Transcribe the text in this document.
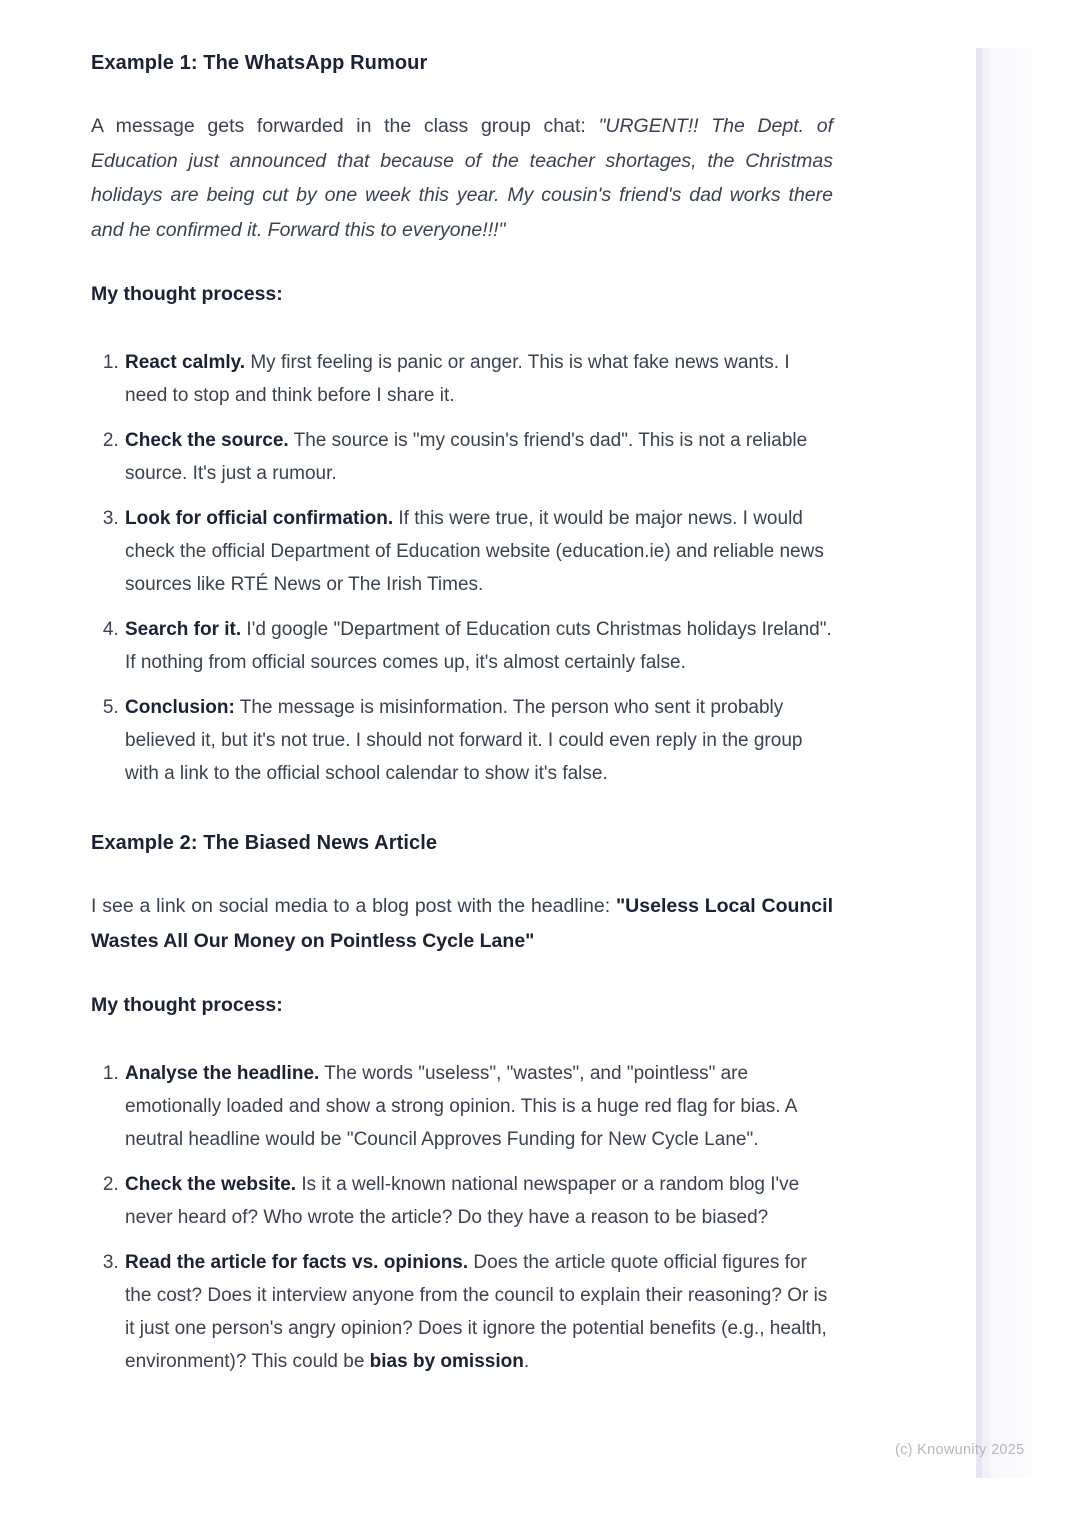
Example 1: The WhatsApp Rumour

A message gets forwarded in the class group chat: "URGENT!! The Dept. of Education just announced that because of the teacher shortages, the Christmas holidays are being cut by one week this year. My cousin's friend's dad works there and he confirmed it. Forward this to everyone!!!"

My thought process:
1. React calmly. My first feeling is panic or anger. This is what fake news wants. I need to stop and think before I share it.
2. Check the source. The source is "my cousin's friend's dad". This is not a reliable source. It's just a rumour.
3. Look for official confirmation. If this were true, it would be major news. I would check the official Department of Education website (education.ie) and reliable news sources like RTÉ News or The Irish Times.
4. Search for it. I'd google "Department of Education cuts Christmas holidays Ireland". If nothing from official sources comes up, it's almost certainly false.
5. Conclusion: The message is misinformation. The person who sent it probably believed it, but it's not true. I should not forward it. I could even reply in the group with a link to the official school calendar to show it's false.
Example 2: The Biased News Article

I see a link on social media to a blog post with the headline: "Useless Local Council Wastes All Our Money on Pointless Cycle Lane"

My thought process:
1. Analyse the headline. The words "useless", "wastes", and "pointless" are emotionally loaded and show a strong opinion. This is a huge red flag for bias. A neutral headline would be "Council Approves Funding for New Cycle Lane".
2. Check the website. Is it a well-known national newspaper or a random blog I've never heard of? Who wrote the article? Do they have a reason to be biased?
3. Read the article for facts vs. opinions. Does the article quote official figures for the cost? Does it interview anyone from the council to explain their reasoning? Or is it just one person's angry opinion? Does it ignore the potential benefits (e.g., health, environment)? This could be bias by omission.
(c) Knowunity 2025
